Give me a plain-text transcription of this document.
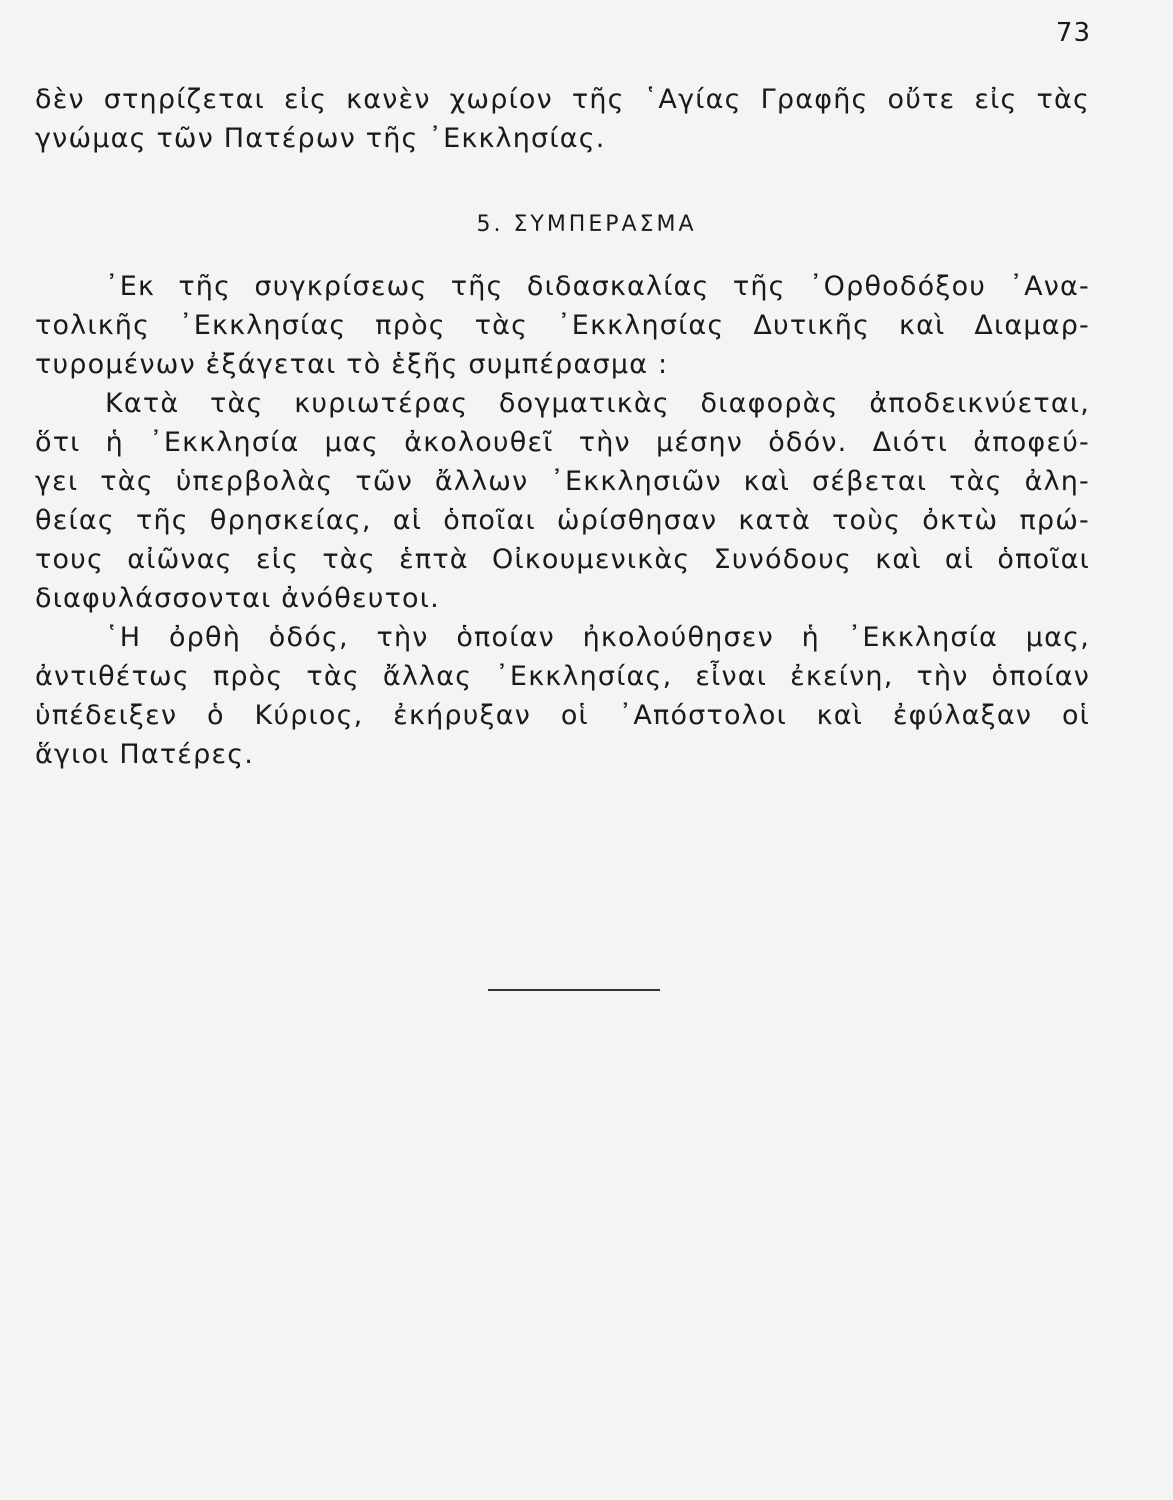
73
δὲν στηρίζεται εἰς κανὲν χωρίον τῆς ῾Αγίας Γραφῆς οὔτε εἰς τὰς
γνώμας τῶν Πατέρων τῆς ᾿Εκκλησίας.
5. ΣΥΜΠΕΡΑΣΜΑ
᾿Εκ τῆς συγκρίσεως τῆς διδασκαλίας τῆς ᾿Ορθοδόξου ᾿Ανα-
τολικῆς ᾿Εκκλησίας πρὸς τὰς ᾿Εκκλησίας Δυτικῆς καὶ Διαμαρ-
τυρομένων ἐξάγεται τὸ ἑξῆς συμπέρασμα :
Κατὰ τὰς κυριωτέρας δογματικὰς διαφορὰς ἀποδεικνύεται,
ὅτι ἡ ᾿Εκκλησία μας ἀκολουθεῖ τὴν μέσην ὁδόν. Διότι ἀποφεύ-
γει τὰς ὑπερβολὰς τῶν ἄλλων ᾿Εκκλησιῶν καὶ σέβεται τὰς ἀλη-
θείας τῆς θρησκείας, αἱ ὁποῖαι ὡρίσθησαν κατὰ τοὺς ὀκτὼ πρώ-
τους αἰῶνας εἰς τὰς ἑπτὰ Οἰκουμενικὰς Συνόδους καὶ αἱ ὁποῖαι
διαφυλάσσονται ἀνόθευτοι.
῾Η ὀρθὴ ὁδός, τὴν ὁποίαν ἠκολούθησεν ἡ ᾿Εκκλησία μας,
ἀντιθέτως πρὸς τὰς ἄλλας ᾿Εκκλησίας, εἶναι ἐκείνη, τὴν ὁποίαν
ὑπέδειξεν ὁ Κύριος, ἐκήρυξαν οἱ ᾿Απόστολοι καὶ ἐφύλαξαν οἱ
ἅγιοι Πατέρες.
